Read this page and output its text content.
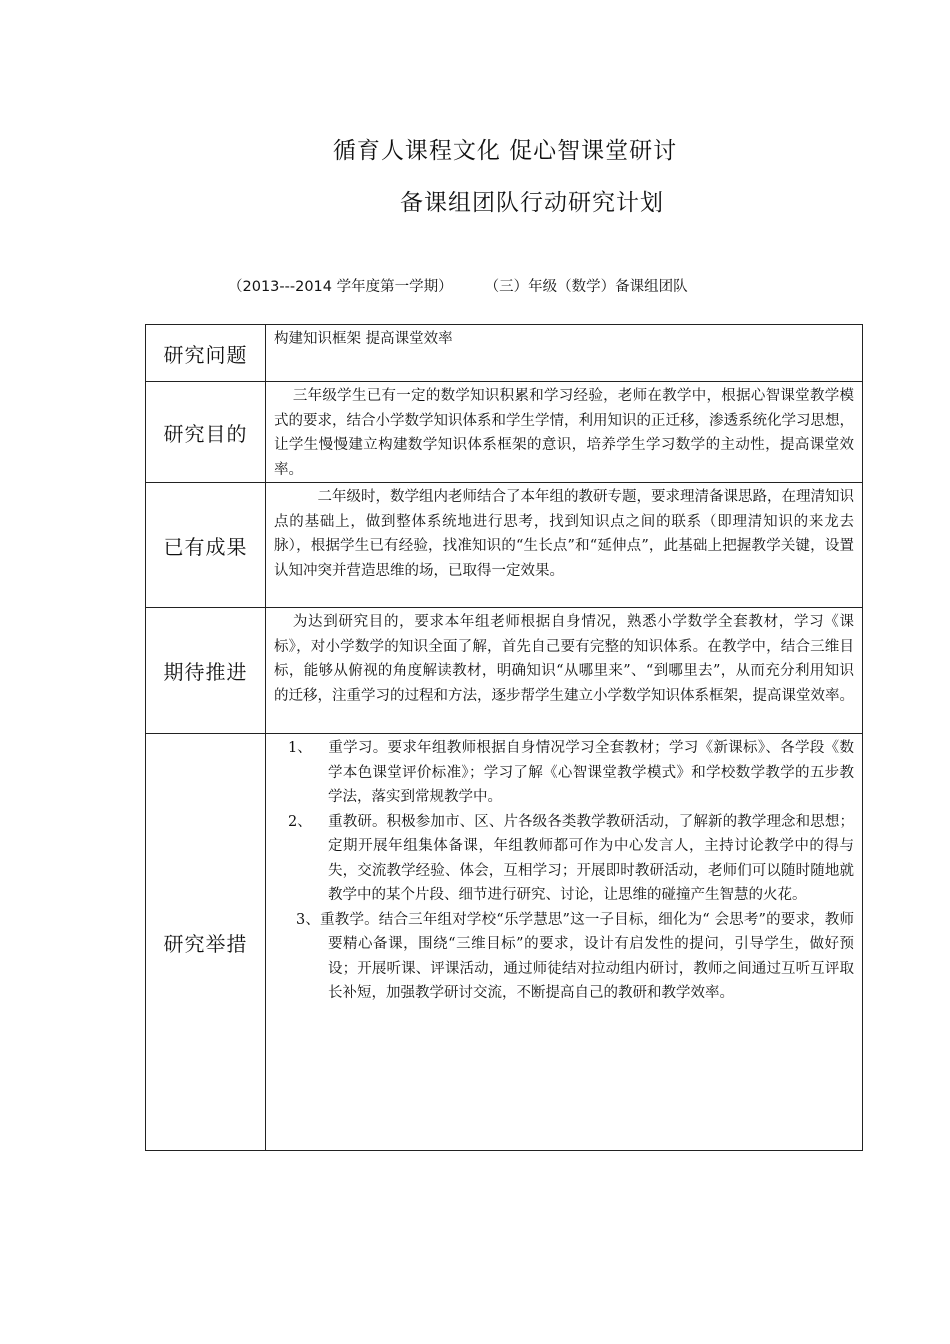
循育人课程文化 促心智课堂研讨
备课组团队行动研究计划
（2013---2014 学年度第一学期） （三）年级（数学）备课组团队
研究问题	构建知识框架 提高课堂效率

研究目的	三年级学生已有一定的数学知识积累和学习经验，老师在教学中，根据心智课堂教学模式的要求，结合小学数学知识体系和学生学情，利用知识的正迁移，渗透系统化学习思想，让学生慢慢建立构建数学知识体系框架的意识，培养学生学习数学的主动性，提高课堂效率。

已有成果	二年级时，数学组内老师结合了本年组的教研专题，要求理清备课思路，在理清知识点的基础上，做到整体系统地进行思考，找到知识点之间的联系（即理清知识的来龙去脉），根据学生已有经验，找准知识的“生长点”和“延伸点”，此基础上把握教学关键，设置认知冲突并营造思维的场，已取得一定效果。

期待推进	为达到研究目的，要求本年组老师根据自身情况，熟悉小学数学全套教材，学习《课标》，对小学数学的知识全面了解，首先自己要有完整的知识体系。在教学中，结合三维目标，能够从俯视的角度解读教材，明确知识“从哪里来”、“到哪里去”，从而充分利用知识的迁移，注重学习的过程和方法，逐步帮学生建立小学数学知识体系框架，提高课堂效率。

研究举措	1、 重学习。要求年组教师根据自身情况学习全套教材；学习《新课标》、各学段《数学本色课堂评价标准》；学习了解《心智课堂教学模式》和学校数学教学的五步教学法，落实到常规教学中。

2、 重教研。积极参加市、区、片各级各类教学教研活动，了解新的教学理念和思想；定期开展年组集体备课，年组教师都可作为中心发言人，主持讨论教学中的得与失，交流教学经验、体会，互相学习；开展即时教研活动，老师们可以随时随地就教学中的某个片段、细节进行研究、讨论，让思维的碰撞产生智慧的火花。

3、重教学。结合三年组对学校“乐学慧思”这一子目标，细化为“ 会思考”的要求，教师要精心备课，围绕“三维目标”的要求，设计有启发性的提问，引导学生，做好预设；开展听课、评课活动，通过师徒结对拉动组内研讨，教师之间通过互听互评取长补短，加强教学研讨交流，不断提高自己的教研和教学效率。
